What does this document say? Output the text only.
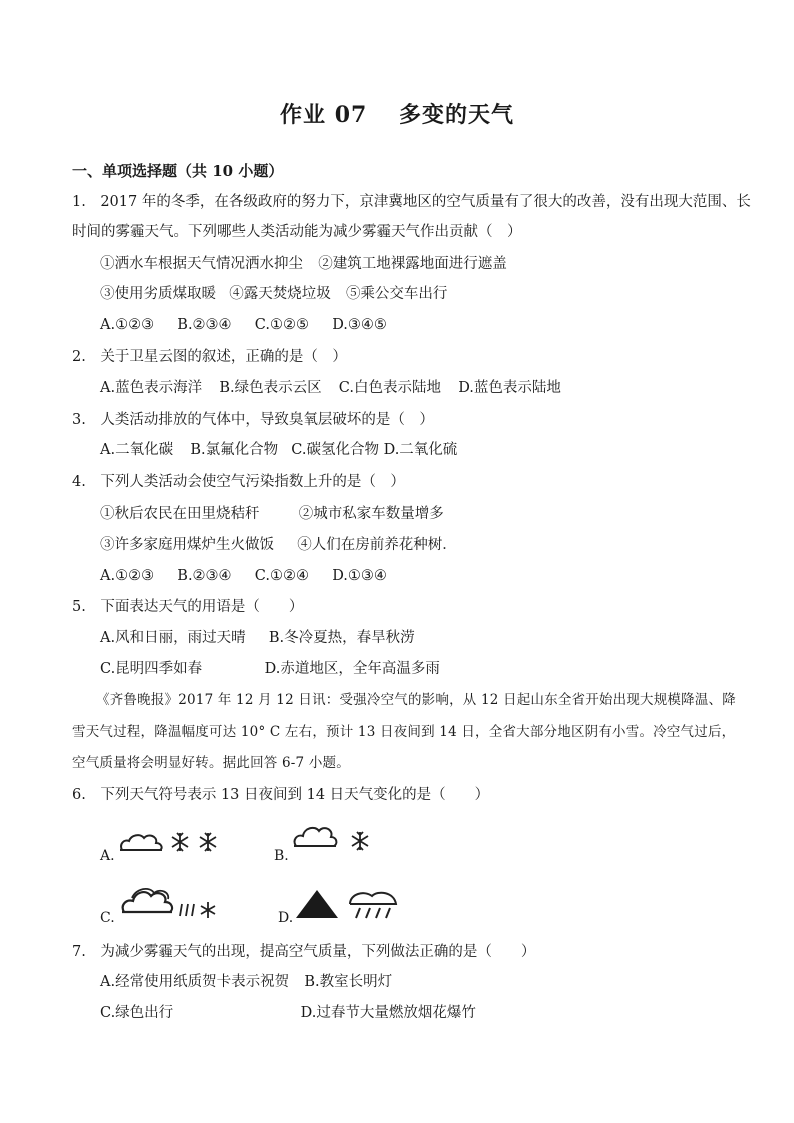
作业 07　 多变的天气
一、单项选择题（共 10 小题）
1.　2017 年的冬季，在各级政府的努力下，京津冀地区的空气质量有了很大的改善，没有出现大范围、长
时间的雾霾天气。下列哪些人类活动能为减少雾霾天气作出贡献（　）
①洒水车根据天气情况洒水抑尘 ②建筑工地裸露地面进行遮盖
③使用劣质煤取暖 ④露天焚烧垃圾 ⑤乘公交车出行
A.①②③ B.②③④ C.①②⑤ D.③④⑤
2.　关于卫星云图的叙述，正确的是（　）
A.蓝色表示海洋 B.绿色表示云区 C.白色表示陆地 D.蓝色表示陆地
3.　人类活动排放的气体中，导致臭氧层破坏的是（　）
A.二氧化碳 B.氯氟化合物 C.碳氢化合物 D.二氧化硫
4.　下列人类活动会使空气污染指数上升的是（　）
①秋后农民在田里烧秸秆	②城市私家车数量增多
③许多家庭用煤炉生火做饭 ④人们在房前养花种树．
A.①②③ B.②③④ C.①②④ D.①③④
5.　下面表达天气的用语是（　　）
A.风和日丽，雨过天晴 B.冬冷夏热，春旱秋涝
C.昆明四季如春	D.赤道地区，全年高温多雨
《齐鲁晚报》2017 年 12 月 12 日讯：受强冷空气的影响，从 12 日起山东全省开始出现大规模降温、降
雪天气过程，降温幅度可达 10° C 左右，预计 13 日夜间到 14 日，全省大部分地区阴有小雪。冷空气过后，
空气质量将会明显好转。据此回答 6-7 小题。
6.　下列天气符号表示 13 日夜间到 14 日天气变化的是（　　）
A.	B.
C.	D.
7.　为减少雾霾天气的出现，提高空气质量，下列做法正确的是（　　）
A.经常使用纸质贺卡表示祝贺 B.教室长明灯
C.绿色出行	D.过春节大量燃放烟花爆竹
